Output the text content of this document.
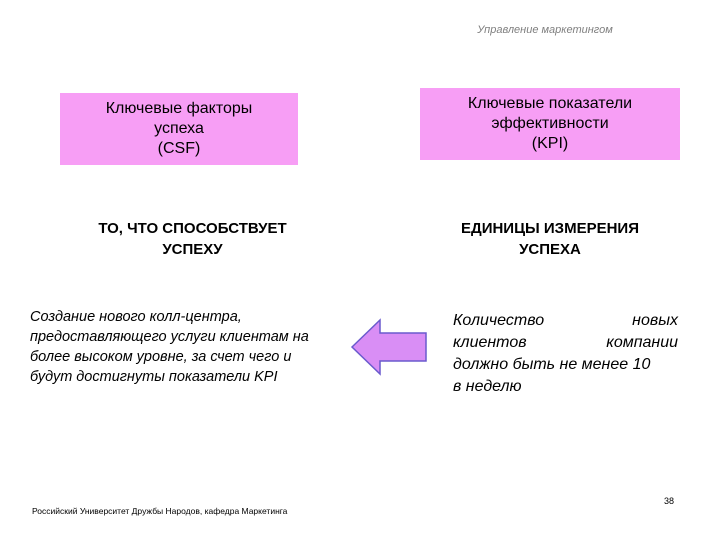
Управление маркетингом
Ключевые факторы
успеха
(CSF)
Ключевые показатели
эффективности
(KPI)
ТО, ЧТО СПОСОБСТВУЕТ
УСПЕХУ
ЕДИНИЦЫ ИЗМЕРЕНИЯ
УСПЕХА
Создание нового колл-центра,
предоставляющего услуги клиентам на
более высоком уровне, за счет чего и
будут достигнуты показатели KPI
Количество	новых
клиентов	компании
должно быть не менее 10
в неделю
38
Российский Университет Дружбы Народов, кафедра Маркетинга
